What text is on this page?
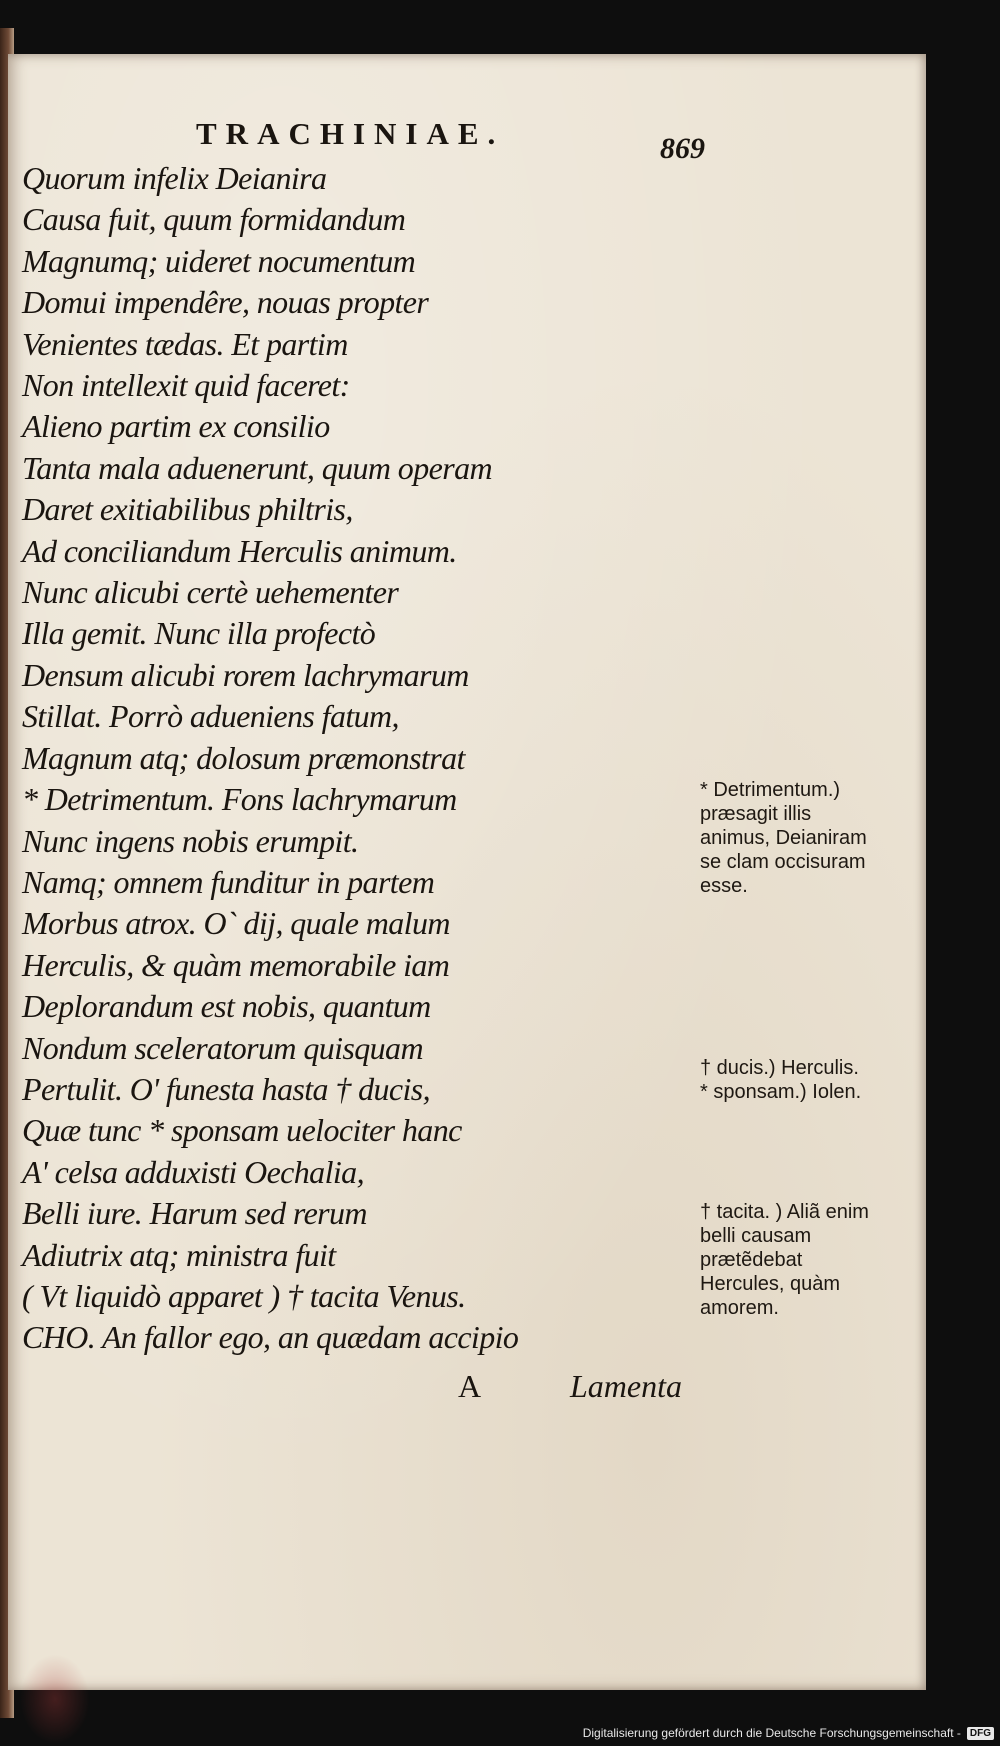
TRACHINIAE.	869
Quorum infelix Deianira
Causa fuit, quum formidandum
Magnumq; uideret nocumentum
Domui impendêre, nouas propter
Venientes tædas. Et partim
Non intellexit quid faceret:
Alieno partim ex consilio
Tanta mala aduenerunt, quum operam
Daret exitiabilibus philtris,
Ad conciliandum Herculis animum.
Nunc alicubi certè uehementer
Illa gemit. Nunc illa profectò
Densum alicubi rorem lachrymarum
Stillat. Porrò adueniens fatum,
Magnum atq; dolosum præmonstrat
* Detrimentum. Fons lachrymarum
Nunc ingens nobis erumpit.
Namq; omnem funditur in partem
Morbus atrox. O` dij, quale malum
Herculis, & quàm memorabile iam
Deplorandum est nobis, quantum
Nondum sceleratorum quisquam
Pertulit. O' funesta hasta † ducis,
Quæ tunc * sponsam uelociter hanc
A' celsa adduxisti Oechalia,
Belli iure. Harum sed rerum
Adiutrix atq; ministra fuit
( Vt liquidò apparet ) † tacita Venus.
CHO. An fallor ego, an quædam accipio

* Detrimentum.) præsagit illis animus, Deianiram se clam occisuram esse.

† ducis.) Herculis.
* sponsam.) Iolen.

† tacita. ) Aliã enim belli causam prætẽdebat Hercules, quàm amorem.

A	Lamenta
Digitalisierung gefördert durch die Deutsche Forschungsgemeinschaft - DFG
